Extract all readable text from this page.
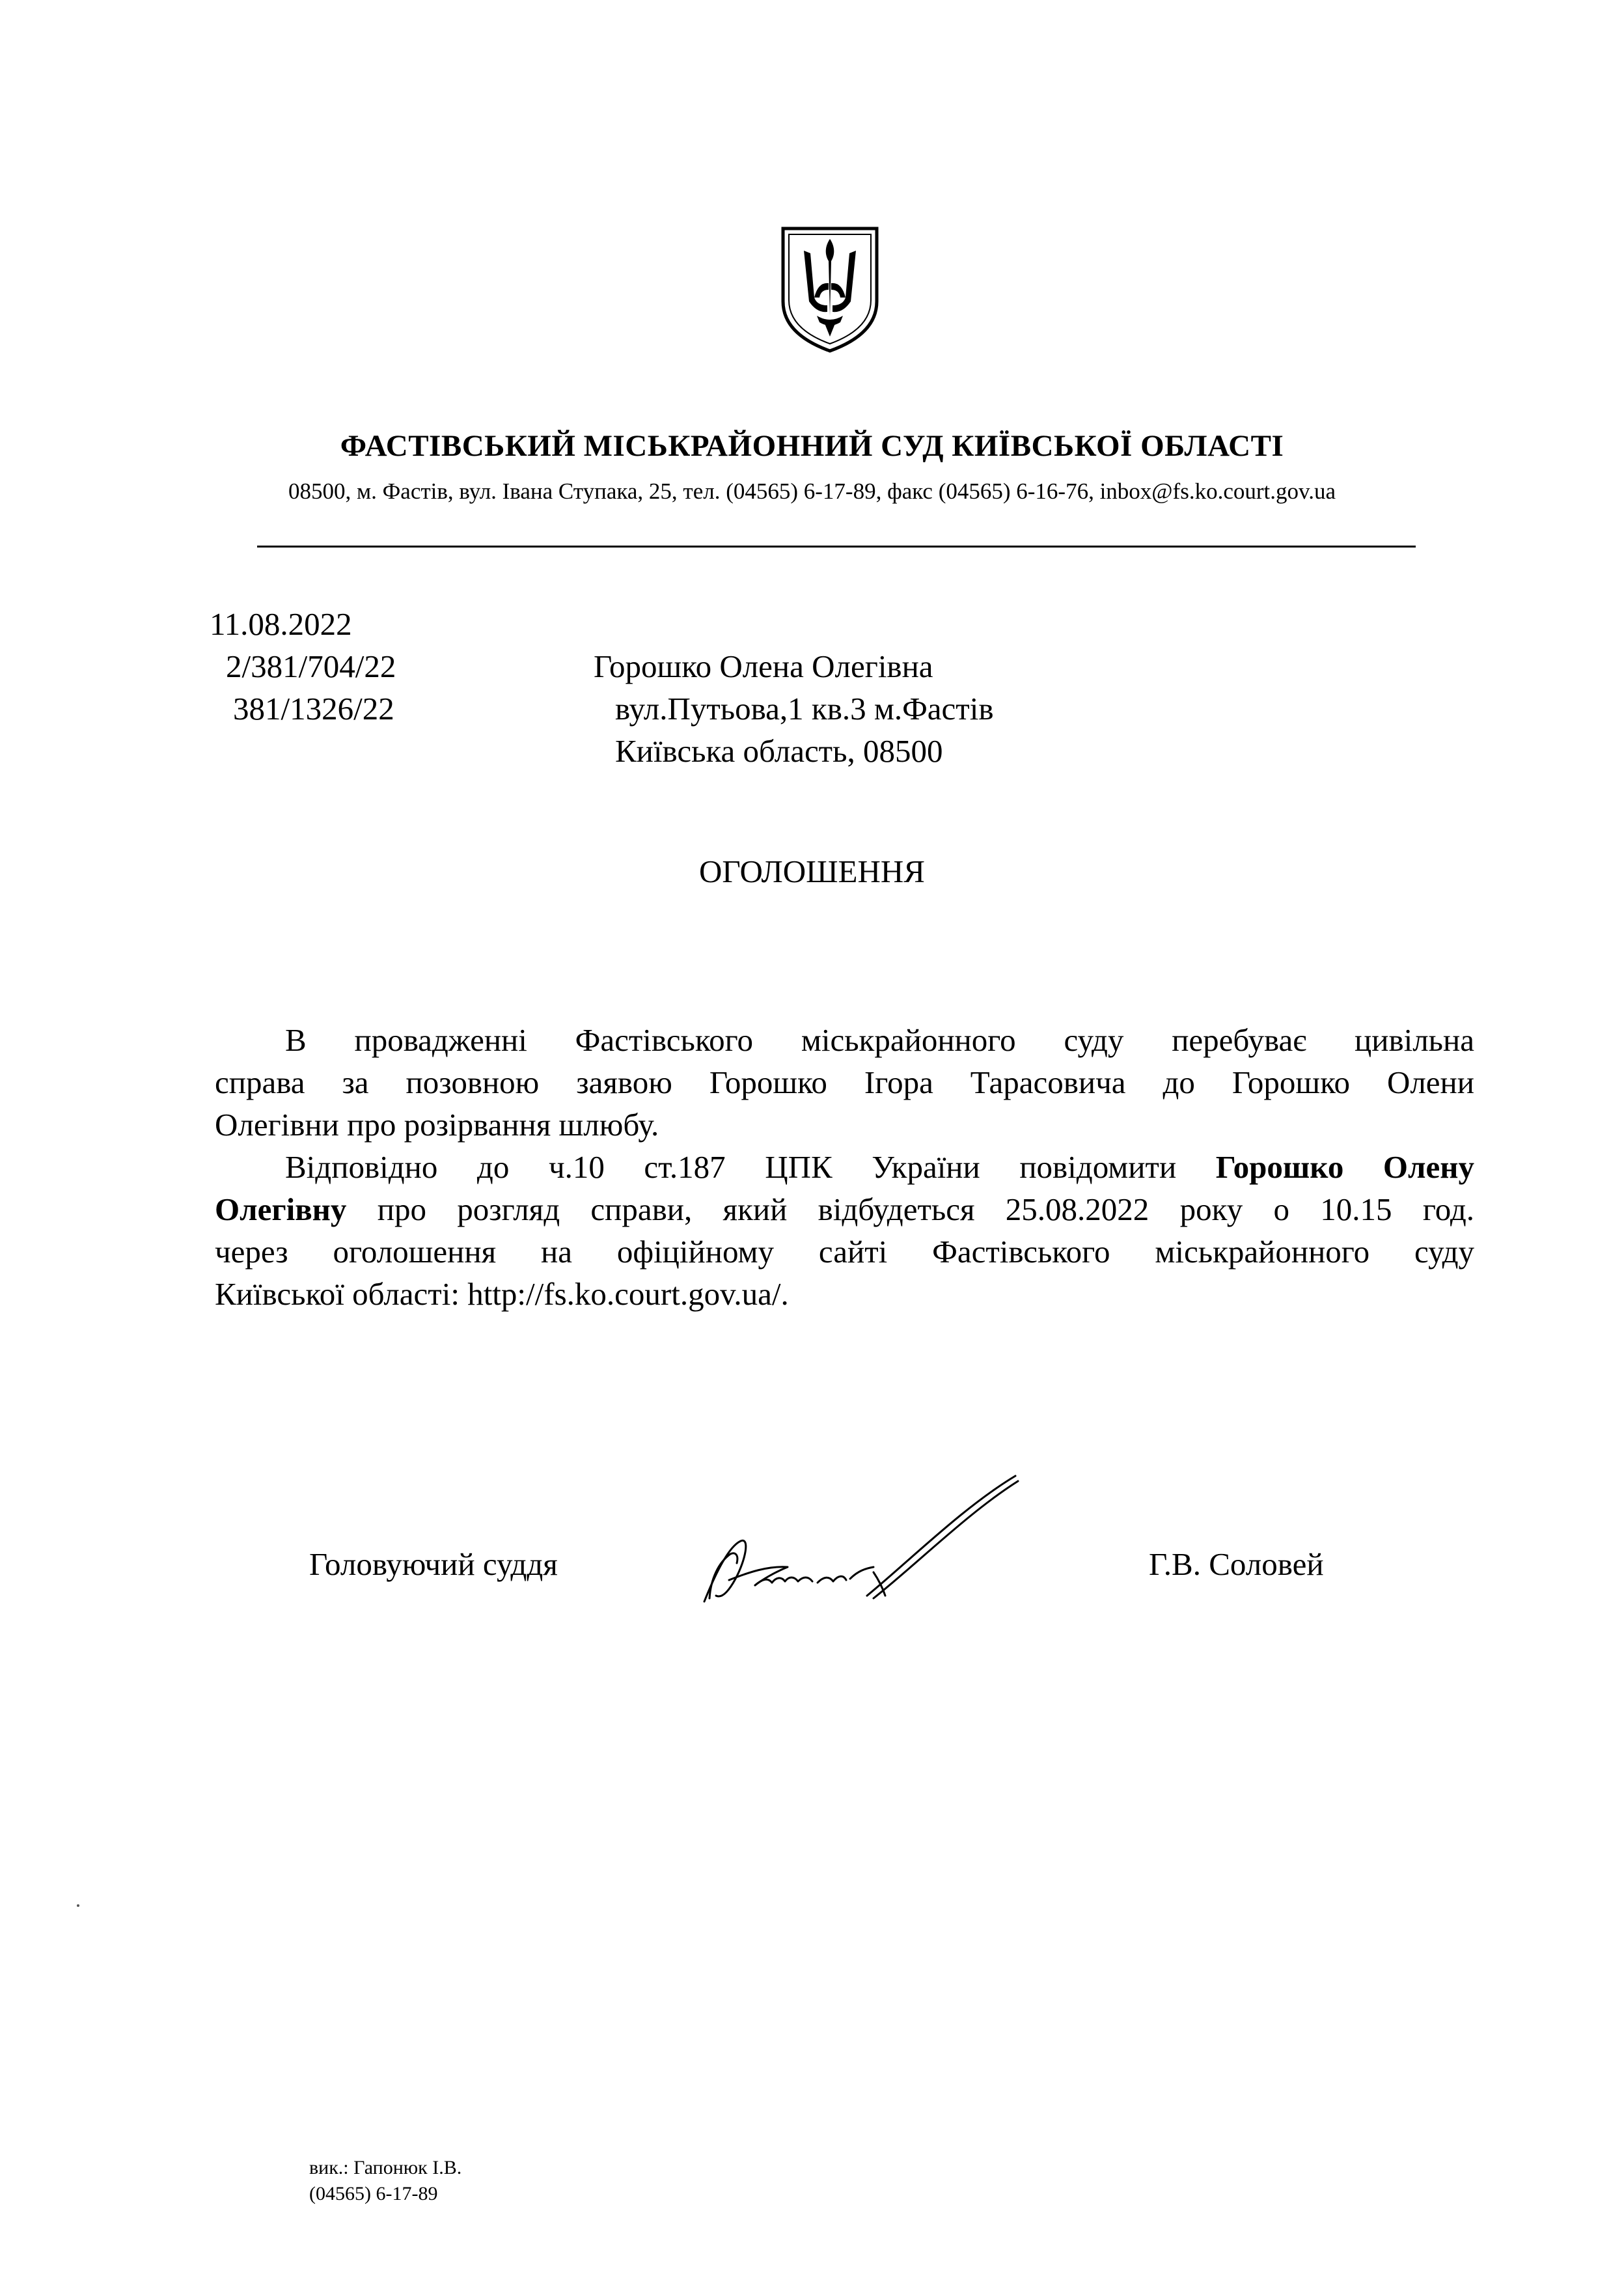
ФАСТІВСЬКИЙ МІСЬКРАЙОННИЙ СУД КИЇВСЬКОЇ ОБЛАСТІ
08500, м. Фастів, вул. Івана Ступака, 25, тел. (04565) 6-17-89, факс (04565) 6-16-76, inbox@fs.ko.court.gov.ua
11.08.2022
2/381/704/22
381/1326/22
Горошко Олена Олегівна
вул.Путьова,1 кв.3 м.Фастів
Київська область, 08500
ОГОЛОШЕННЯ

В провадженні Фастівського міськрайонного суду перебуває цивільна

справа за позовною заявою Горошко Ігора Тарасовича до Горошко Олени

Олегівни про розірвання шлюбу.

Відповідно до ч.10 ст.187 ЦПК України повідомити Горошко Олену

Олегівну про розгляд справи, який відбудеться 25.08.2022 року о 10.15 год.

через оголошення на офіційному сайті Фастівського міськрайонного суду

Київської області: http://fs.ko.court.gov.ua/.

Головуючий суддя	Г.В. Соловей
вик.: Гапонюк І.В.
(04565) 6-17-89
